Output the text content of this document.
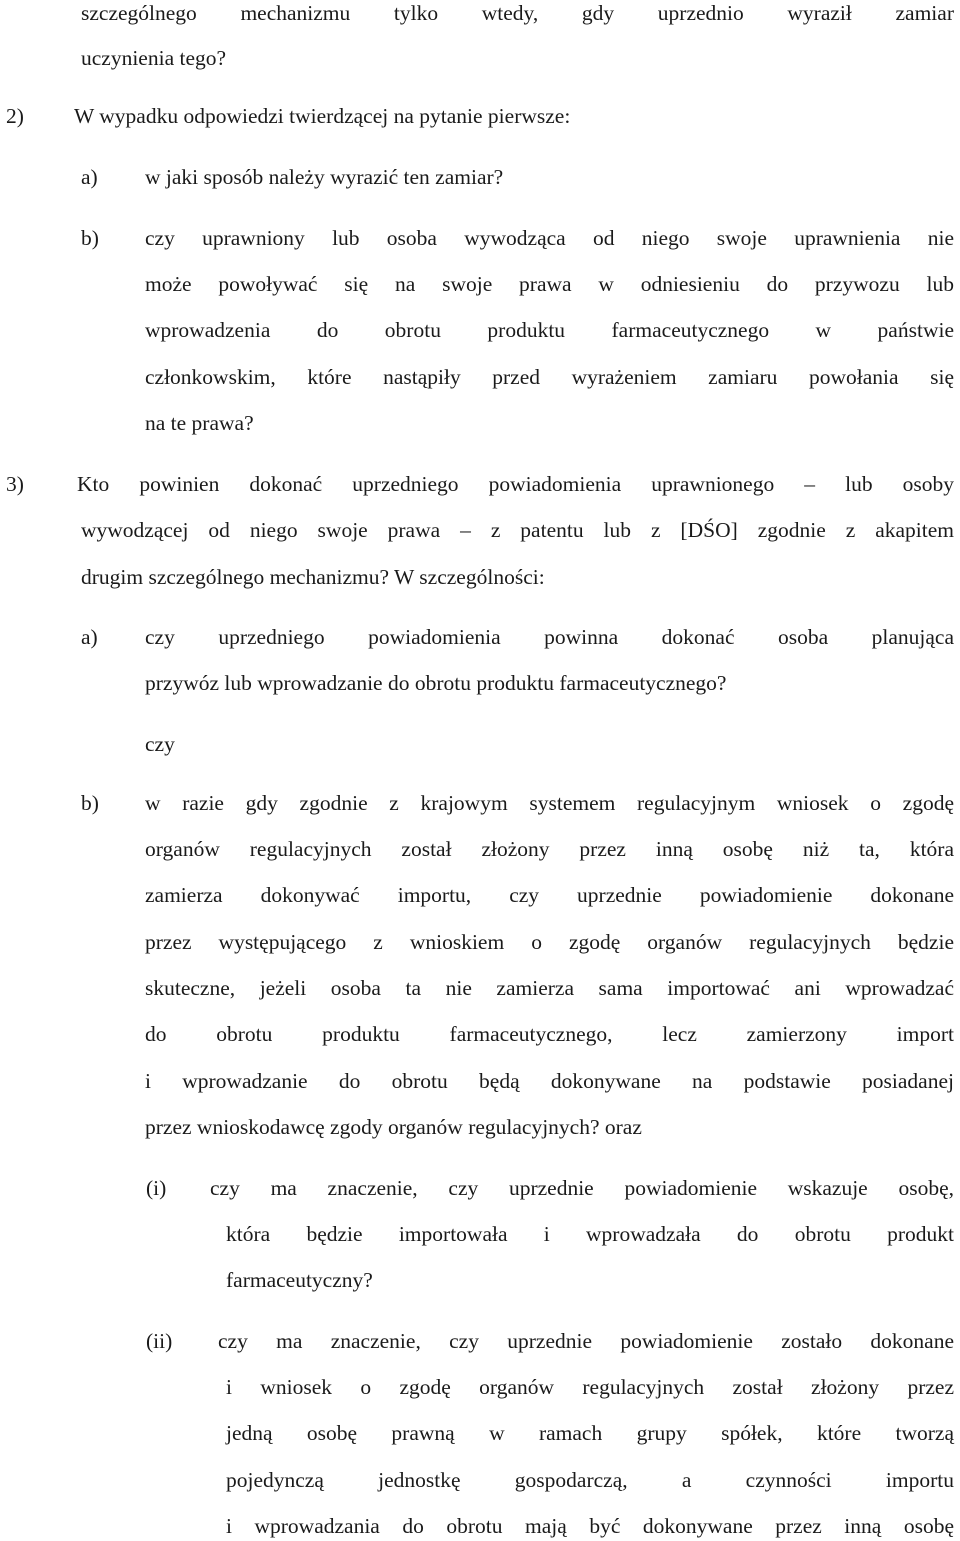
szczególnego mechanizmu tylko wtedy, gdy uprzednio wyraził zamiar
uczynienia tego?
2) W wypadku odpowiedzi twierdzącej na pytanie pierwsze:
a) w jaki sposób należy wyrazić ten zamiar?
b) czy uprawniony lub osoba wywodząca od niego swoje uprawnienia nie
może powoływać się na swoje prawa w odniesieniu do przywozu lub
wprowadzenia do obrotu produktu farmaceutycznego w państwie
członkowskim, które nastąpiły przed wyrażeniem zamiaru powołania się
na te prawa?
3) Kto powinien dokonać uprzedniego powiadomienia uprawnionego – lub osoby
wywodzącej od niego swoje prawa – z patentu lub z [DŚO] zgodnie z akapitem
drugim szczególnego mechanizmu? W szczególności:
a) czy uprzedniego powiadomienia powinna dokonać osoba planująca
przywóz lub wprowadzanie do obrotu produktu farmaceutycznego?
czy
b) w razie gdy zgodnie z krajowym systemem regulacyjnym wniosek o zgodę
organów regulacyjnych został złożony przez inną osobę niż ta, która
zamierza dokonywać importu, czy uprzednie powiadomienie dokonane
przez występującego z wnioskiem o zgodę organów regulacyjnych będzie
skuteczne, jeżeli osoba ta nie zamierza sama importować ani wprowadzać
do obrotu produktu farmaceutycznego, lecz zamierzony import
i wprowadzanie do obrotu będą dokonywane na podstawie posiadanej
przez wnioskodawcę zgody organów regulacyjnych? oraz
(i) czy ma znaczenie, czy uprzednie powiadomienie wskazuje osobę,
która będzie importowała i wprowadzała do obrotu produkt
farmaceutyczny?
(ii) czy ma znaczenie, czy uprzednie powiadomienie zostało dokonane
i wniosek o zgodę organów regulacyjnych został złożony przez
jedną osobę prawną w ramach grupy spółek, które tworzą
pojedynczą jednostkę gospodarczą, a czynności importu
i wprowadzania do obrotu mają być dokonywane przez inną osobę
